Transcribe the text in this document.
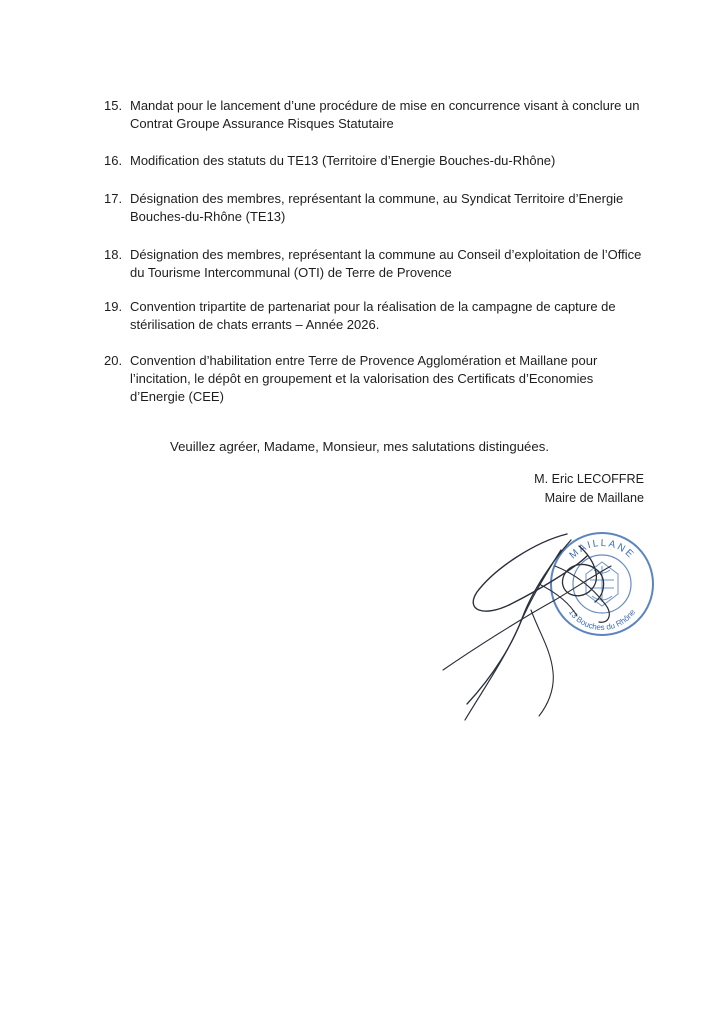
15. Mandat pour le lancement d’une procédure de mise en concurrence visant à conclure un
Contrat Groupe Assurance Risques Statutaire
16. Modification des statuts du TE13 (Territoire d’Energie Bouches-du-Rhône)
17. Désignation des membres, représentant la commune, au Syndicat Territoire d’Energie
Bouches-du-Rhône (TE13)
18. Désignation des membres, représentant la commune au Conseil d’exploitation de l’Office
du Tourisme Intercommunal (OTI) de Terre de Provence
19. Convention tripartite de partenariat pour la réalisation de la campagne de capture de
stérilisation de chats errants – Année 2026.
20. Convention d’habilitation entre Terre de Provence Agglomération et Maillane pour
l’incitation, le dépôt en groupement et la valorisation des Certificats d’Economies
d’Energie (CEE)
Veuillez agréer, Madame, Monsieur, mes salutations distinguées.
M. Eric LECOFFRE
Maire de Maillane
MAILLANE
13 Bouches du Rhône
